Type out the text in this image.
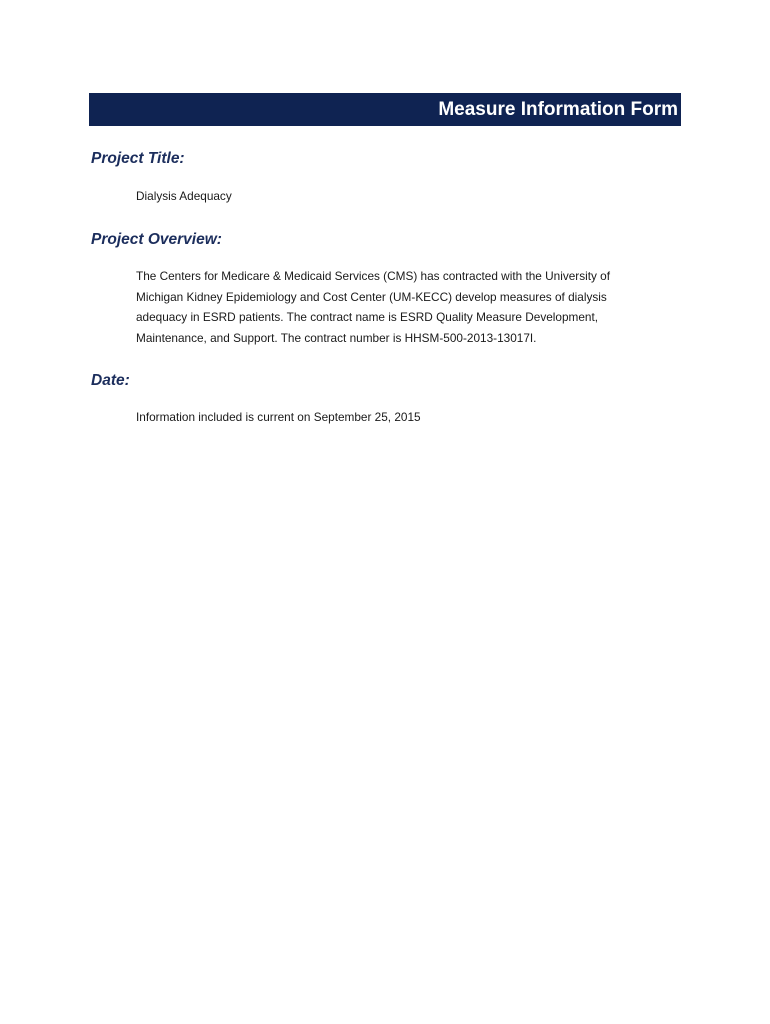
Measure Information Form
Project Title:

Dialysis Adequacy

Project Overview:

The Centers for Medicare & Medicaid Services (CMS) has contracted with the University of
Michigan Kidney Epidemiology and Cost Center (UM-KECC) develop measures of dialysis
adequacy in ESRD patients. The contract name is ESRD Quality Measure Development,
Maintenance, and Support. The contract number is HHSM-500-2013-13017I.

Date:

Information included is current on September 25, 2015
